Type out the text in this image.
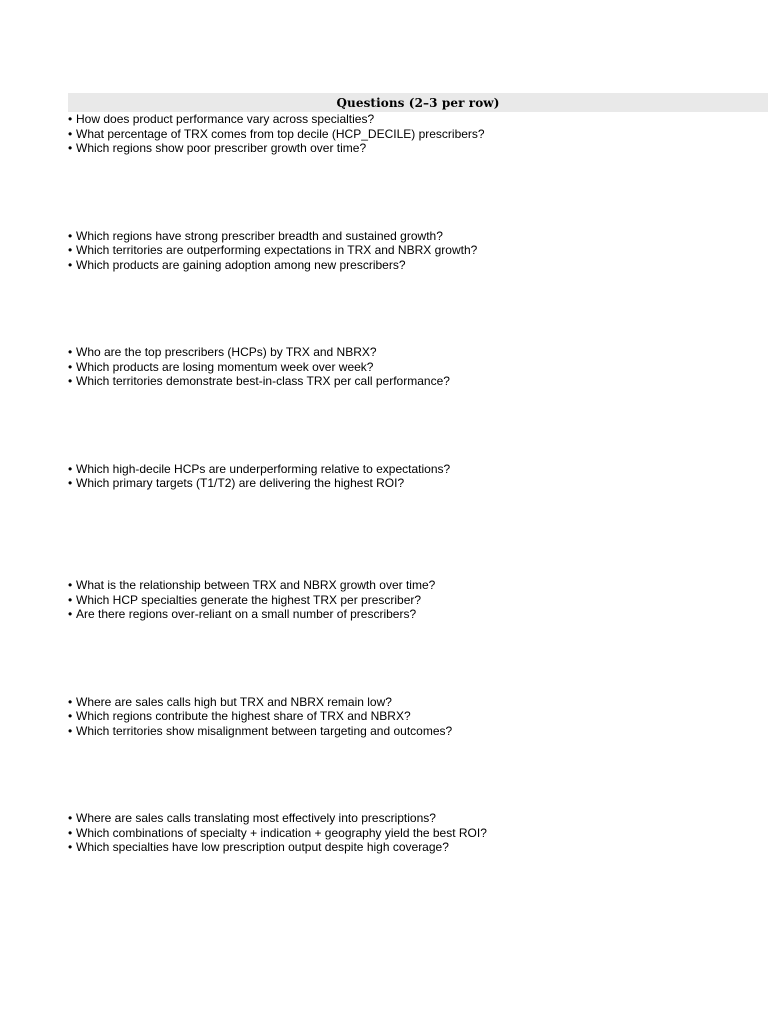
Questions (2–3 per row)

• How does product performance vary across specialties?

• What percentage of TRX comes from top decile (HCP_DECILE) prescribers?

• Which regions show poor prescriber growth over time?

• Which regions have strong prescriber breadth and sustained growth?

• Which territories are outperforming expectations in TRX and NBRX growth?

• Which products are gaining adoption among new prescribers?

• Who are the top prescribers (HCPs) by TRX and NBRX?

• Which products are losing momentum week over week?

• Which territories demonstrate best-in-class TRX per call performance?

• Which high-decile HCPs are underperforming relative to expectations?

• Which primary targets (T1/T2) are delivering the highest ROI?

• What is the relationship between TRX and NBRX growth over time?

• Which HCP specialties generate the highest TRX per prescriber?

• Are there regions over-reliant on a small number of prescribers?

• Where are sales calls high but TRX and NBRX remain low?

• Which regions contribute the highest share of TRX and NBRX?

• Which territories show misalignment between targeting and outcomes?

• Where are sales calls translating most effectively into prescriptions?

• Which combinations of specialty + indication + geography yield the best ROI?

• Which specialties have low prescription output despite high coverage?
